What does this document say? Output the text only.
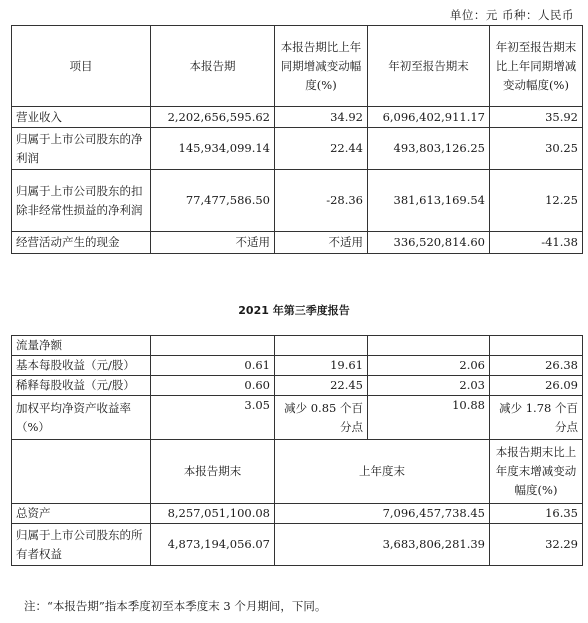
单位：元 币种：人民币
项目	本报告期	本报告期比上年同期增减变动幅度(%)	年初至报告期末	年初至报告期末比上年同期增减变动幅度(%)
营业收入	2,202,656,595.62	34.92	6,096,402,911.17	35.92
归属于上市公司股东的净利润	145,934,099.14	22.44	493,803,126.25	30.25
归属于上市公司股东的扣除非经常性损益的净利润	77,477,586.50	-28.36	381,613,169.54	12.25
经营活动产生的现金	不适用	不适用	336,520,814.60	-41.38
2021 年第三季度报告
流量净额				
基本每股收益（元/股）	0.61	19.61	2.06	26.38
稀释每股收益（元/股）	0.60	22.45	2.03	26.09
加权平均净资产收益率（%）	3.05	减少 0.85 个百分点	10.88	减少 1.78 个百分点
	本报告期末	上年度末		本报告期末比上年度末增减变动幅度(%)
总资产	8,257,051,100.08	7,096,457,738.45		16.35
归属于上市公司股东的所有者权益	4,873,194,056.07	3,683,806,281.39		32.29
注：“本报告期”指本季度初至本季度末 3 个月期间，下同。
